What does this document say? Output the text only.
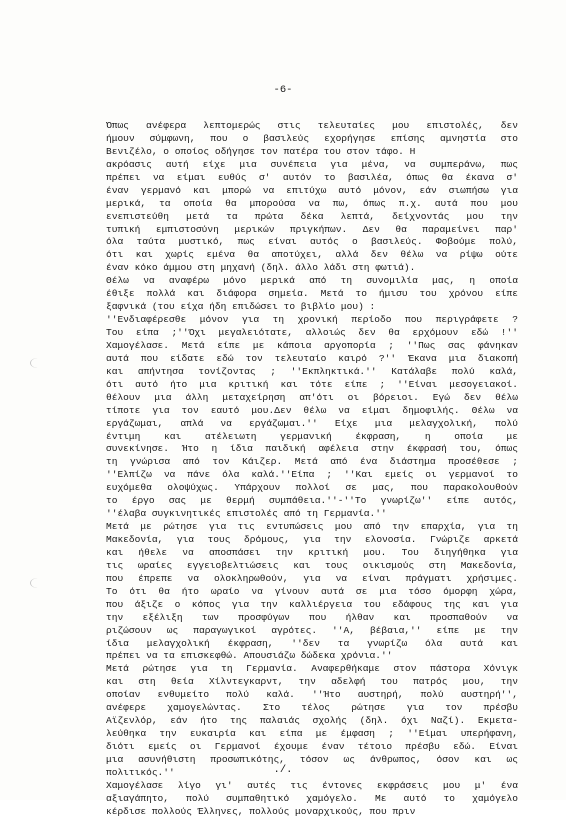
-6-
Όπως ανέφερα λεπτομερώς στις τελευταίες μου επιστολές, δεν
ήμουν σύμφωνη, που ο βασιλεύς εχορήγησε επίσης αμνηστία στο
Βενιζέλο, ο οποίος οδήγησε τον πατέρα του στον τάφο. Η
ακρόασις αυτή είχε μια συνέπεια για μένα, να συμπεράνω, πως
πρέπει να είμαι ευθύς σ' αυτόν το βασιλέα, όπως θα έκανα σ'
έναν γερμανό και μπορώ να επιτύχω αυτό μόνον, εάν σιωπήσω για
μερικά, τα οποία θα μπορούσα να πω, όπως π.χ. αυτά που μου
ενεπιστεύθη μετά τα πρώτα δέκα λεπτά, δείχνοντάς μου την
τυπική εμπιστοσύνη μερικών πριγκήπων. Δεν θα παραμείνει παρ'
όλα ταύτα μυστικό, πως είναι αυτός ο βασιλεύς. Φοβούμε πολύ,
ότι και χωρίς εμένα θα αποτύχει, αλλά δεν θέλω να ρίψω ούτε
έναν κόκο άμμου στη μηχανή (δηλ. άλλο λάδι στη φωτιά).
Θέλω να αναφέρω μόνο μερικά από τη συνομιλία μας, η οποία
έθιξε πολλά και διάφορα σημεία. Μετά το ήμισυ του χρόνου είπε
ξαφνικά (του είχα ήδη επιδώσει το βιβλίο μου) :
''Ενδιαφέρεσθε μόνον για τη χρονική περίοδο που περιγράφετε ?
Του είπα ;''Όχι μεγαλειότατε, αλλοιώς δεν θα ερχόμουν εδώ !''
Χαμογέλασε. Μετά είπε με κάποια αργοπορία ; ''Πως σας φάνηκαν
αυτά που είδατε εδώ τον τελευταίο καιρό ?'' Έκανα μια διακοπή
και απήντησα τονίζοντας ; ''Εκπληκτικά.'' Κατάλαβε πολύ καλά,
ότι αυτό ήτο μια κριτική και τότε είπε ; ''Είναι μεσογειακοί.
θέλουν μια άλλη μεταχείρηση απ'ότι οι βόρειοι. Εγώ δεν θέλω
τίποτε για τον εαυτό μου.Δεν θέλω να είμαι δημοφιλής. Θέλω να
εργάζωμαι, απλά να εργάζωμαι.'' Είχε μια μελαγχολική, πολύ
έντιμη και ατέλειωτη γερμανική έκφραση, η οποία με
συνεκίνησε. Ήτο η ίδια παιδική αφέλεια στην έκφρασή του, όπως
τη γνώρισα από τον Κάιζερ. Μετά από ένα διάστημα προσέθεσε ;
''Ελπίζω να πάνε όλα καλά.''Είπα ; ''Και εμείς οι γερμανοί το
ευχόμεθα ολοψύχως. Υπάρχουν πολλοί σε μας, που παρακολουθούν
το έργο σας με θερμή συμπάθεια.''-''Το γνωρίζω'' είπε αυτός,
''έλαβα συγκινητικές επιστολές από τη Γερμανία.''
Μετά με ρώτησε για τις εντυπώσεις μου από την επαρχία, για τη
Μακεδονία, για τους δρόμους, για την ελονοσία. Γνώριζε αρκετά
και ήθελε να αποσπάσει την κριτική μου. Του διηγήθηκα για
τις ωραίες εγγειοβελτιώσεις και τους οικισμούς στη Μακεδονία,
που έπρεπε να ολοκληρωθούν, για να είναι πράγματι χρήσιμες.
Το ότι θα ήτο ωραίο να γίνουν αυτά σε μια τόσο όμορφη χώρα,
που άξιζε ο κόπος για την καλλιέργεια του εδάφους της και για
την εξέλιξη των προσφύγων που ήλθαν και προσπαθούν να
ριζώσουν ως παραγωγικοί αγρότες. ''Α, βέβαια,'' είπε με την
ίδια μελαγχολική έκφραση, ''δεν τα γνωρίζω όλα αυτά και
πρέπει να τα επισκεφθώ. Απουσιάζω δώδεκα χρόνια.''
Μετά ρώτησε για τη Γερμανία. Αναφερθήκαμε στον πάστορα Χόνιγκ
και στη θεία Χίλντεγκαρντ, την αδελφή του πατρός μου, την
οποίαν ενθυμείτο πολύ καλά. ''Ήτο αυστηρή, πολύ αυστηρή'',
ανέφερε χαμογελώντας. Στο τέλος ρώτησε για τον πρέσβυ
Αϊζενλόρ, εάν ήτο της παλαιάς σχολής (δηλ. όχι Ναζί). Εκμετα-
λεύθηκα την ευκαιρία και είπα με έμφαση ; ''Είμαι υπερήφανη,
διότι εμείς οι Γερμανοί έχουμε έναν τέτοιο πρέσβυ εδώ. Είναι
μια ασυνήθιστη προσωπικότης, τόσον ως άνθρωπος, όσον και ως
πολιτικός.''
Χαμογέλασε λίγο γι' αυτές τις έντονες εκφράσεις μου μ' ένα
αξιαγάπητο, πολύ συμπαθητικό χαμόγελο. Με αυτό το χαμόγελο
κέρδισε πολλούς Έλληνες, πολλούς μοναρχικούς, που πριν
./.
